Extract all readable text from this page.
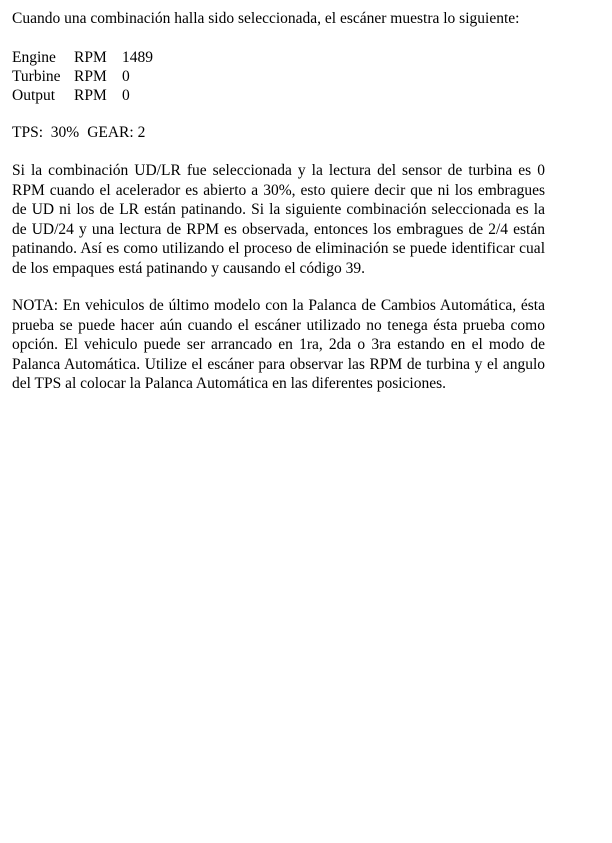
Cuando una combinación halla sido seleccionada, el escáner muestra lo siguiente:

Engine	RPM 1489
Turbine RPM 0
Output	RPM 0

TPS:  30% GEAR: 2

Si la combinación UD/LR fue seleccionada y la lectura del sensor de turbina es 0 RPM cuando el acelerador es abierto a 30%, esto quiere decir que ni los embragues de UD ni los de LR están patinando. Si la siguiente combinación seleccionada es la de UD/24 y una lectura de RPM es observada, entonces los embragues de 2/4 están patinando. Así es como utilizando el proceso de eliminación se puede identificar cual de los empaques está patinando y causando el código 39.

NOTA: En vehiculos de último modelo con la Palanca de Cambios Automática, ésta prueba se puede hacer aún cuando el escáner utilizado no tenega ésta prueba como opción. El vehiculo puede ser arrancado en 1ra, 2da o 3ra estando en el modo de Palanca Automática. Utilize el escáner para observar las RPM de turbina y el angulo del TPS al colocar la Palanca Automática en las diferentes posiciones.
